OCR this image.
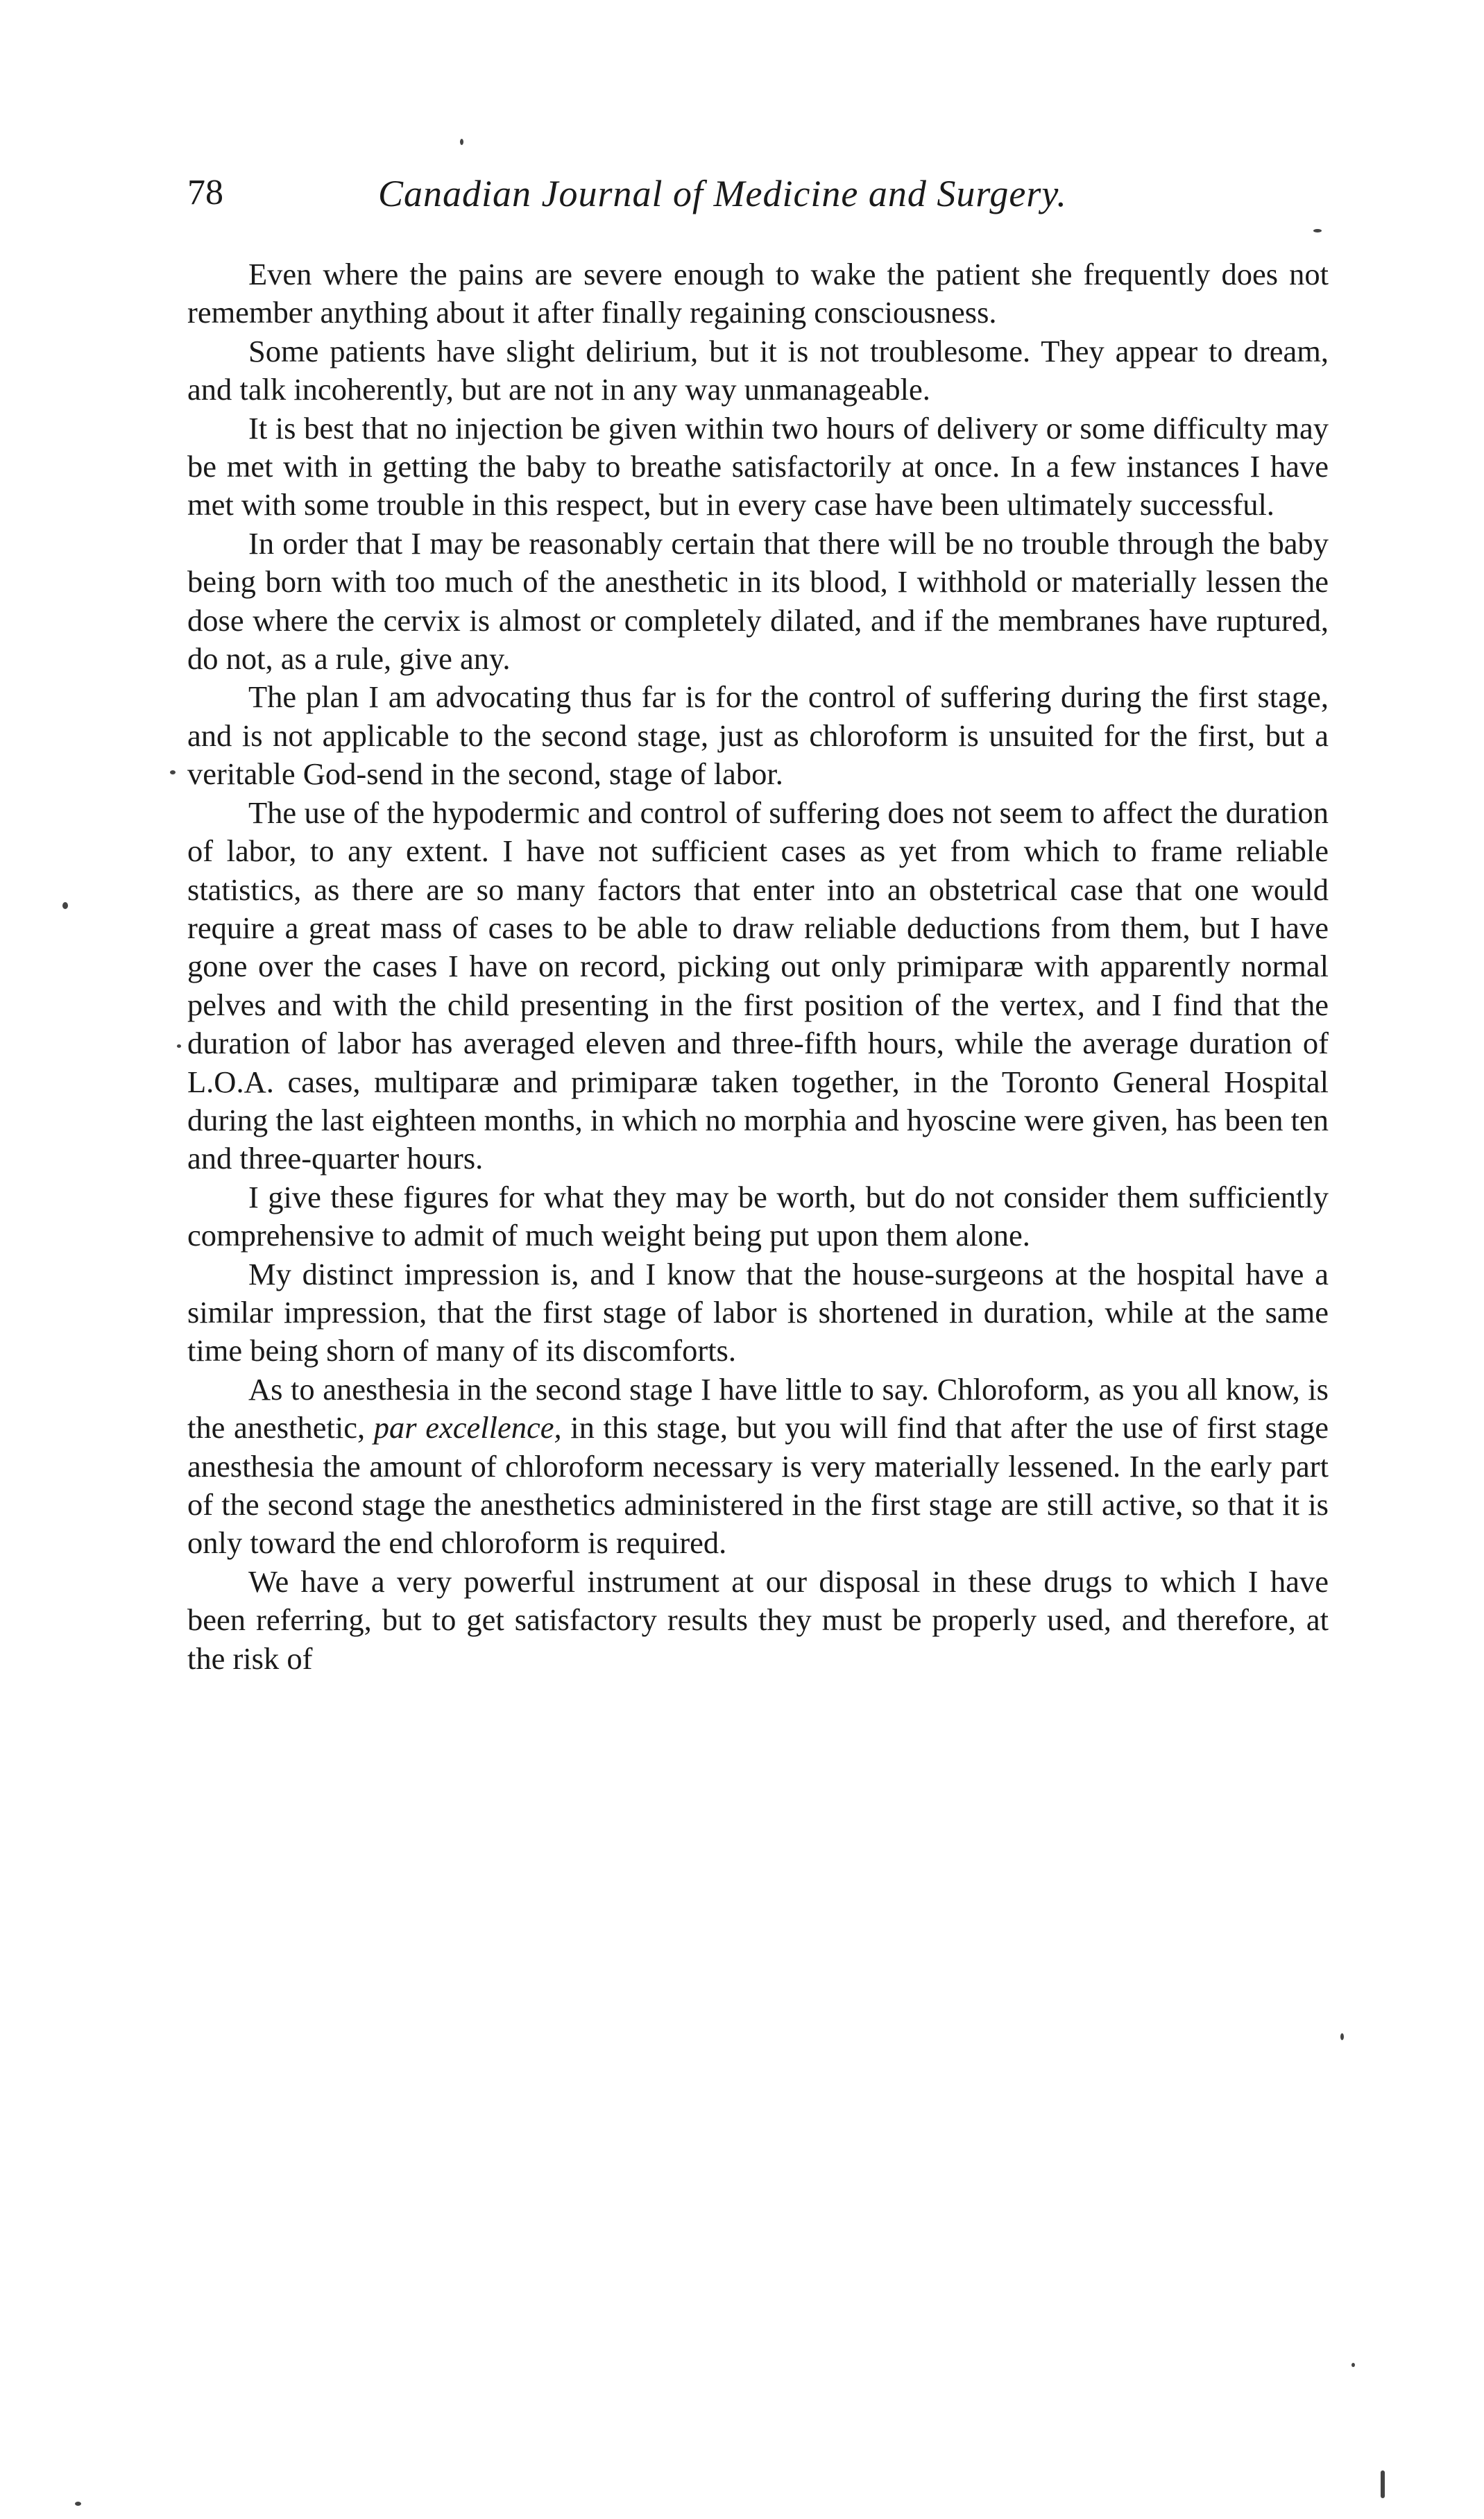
78	Canadian Journal of Medicine and Surgery.

Even where the pains are severe enough to wake the patient she frequently does not remember anything about it after finally regaining consciousness.

Some patients have slight delirium, but it is not troublesome. They appear to dream, and talk incoherently, but are not in any way unmanageable.

It is best that no injection be given within two hours of delivery or some difficulty may be met with in getting the baby to breathe satisfactorily at once. In a few instances I have met with some trouble in this respect, but in every case have been ultimately successful.

In order that I may be reasonably certain that there will be no trouble through the baby being born with too much of the anesthetic in its blood, I withhold or materially lessen the dose where the cervix is almost or completely dilated, and if the membranes have ruptured, do not, as a rule, give any.

The plan I am advocating thus far is for the control of suffering during the first stage, and is not applicable to the second stage, just as chloroform is unsuited for the first, but a veritable God-send in the second, stage of labor.

The use of the hypodermic and control of suffering does not seem to affect the duration of labor, to any extent. I have not sufficient cases as yet from which to frame reliable statistics, as there are so many factors that enter into an obstetrical case that one would require a great mass of cases to be able to draw reliable deductions from them, but I have gone over the cases I have on record, picking out only primiparæ with apparently normal pelves and with the child presenting in the first position of the vertex, and I find that the duration of labor has averaged eleven and three-fifth hours, while the average duration of L.O.A. cases, multiparæ and primiparæ taken together, in the Toronto General Hospital during the last eighteen months, in which no morphia and hyoscine were given, has been ten and three-quarter hours.

I give these figures for what they may be worth, but do not consider them sufficiently comprehensive to admit of much weight being put upon them alone.

My distinct impression is, and I know that the house-surgeons at the hospital have a similar impression, that the first stage of labor is shortened in duration, while at the same time being shorn of many of its discomforts.

As to anesthesia in the second stage I have little to say. Chloroform, as you all know, is the anesthetic, par excellence, in this stage, but you will find that after the use of first stage anesthesia the amount of chloroform necessary is very materially lessened. In the early part of the second stage the anesthetics administered in the first stage are still active, so that it is only toward the end chloroform is required.

We have a very powerful instrument at our disposal in these drugs to which I have been referring, but to get satisfactory results they must be properly used, and therefore, at the risk of
